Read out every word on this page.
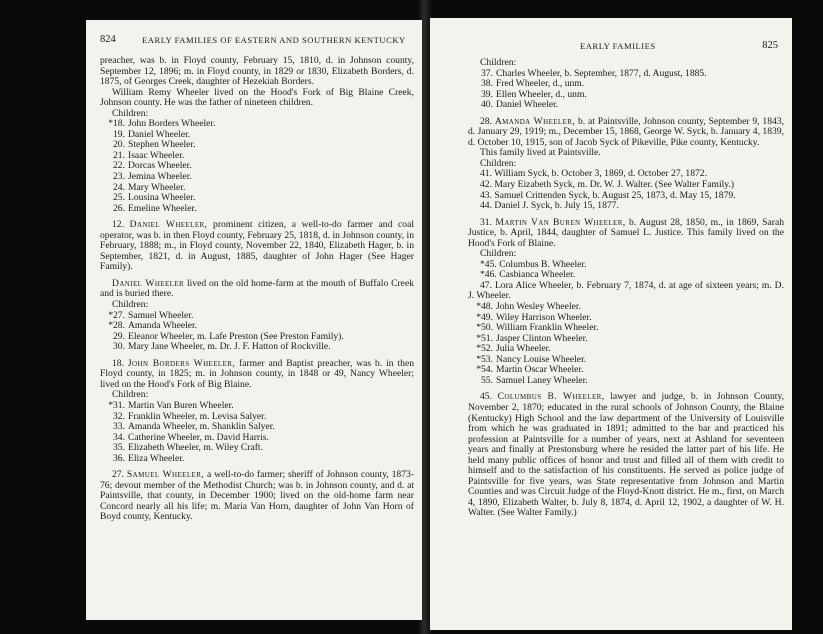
824	EARLY FAMILIES OF EASTERN AND SOUTHERN KENTUCKY

preacher, was b. in Floyd county, February 15, 1810, d. in Johnson county, September 12, 1896; m. in Floyd county, in 1829 or 1830, Elizabeth Borders, d. 1875, of Georges Creek, daughter of Hezekiah Borders.

William Remy Wheeler lived on the Hood's Fork of Big Blaine Creek, Johnson county. He was the father of nineteen children.

Children:
*18. John Borders Wheeler.
19. Daniel Wheeler.
20. Stephen Wheeler.
21. Isaac Wheeler.
22. Dorcas Wheeler.
23. Jemina Wheeler.
24. Mary Wheeler.
25. Lousina Wheeler.
26. Emeline Wheeler.

12. Daniel Wheeler, prominent citizen, a well-to-do farmer and coal operator, was b. in then Floyd county, February 25, 1818, d. in Johnson county, in February, 1888; m., in Floyd county, November 22, 1840, Elizabeth Hager, b. in September, 1821, d. in August, 1885, daughter of John Hager (See Hager Family).

Daniel Wheeler lived on the old home-farm at the mouth of Buffalo Creek and is buried there.

Children:
*27. Samuel Wheeler.
*28. Amanda Wheeler.
29. Eleanor Wheeler, m. Lafe Preston (See Preston Family).
30. Mary Jane Wheeler, m. Dr. J. F. Hatton of Rockville.

18. John Borders Wheeler, farmer and Baptist preacher, was b. in then Floyd county, in 1825; m. in Johnson county, in 1848 or 49, Nancy Wheeler; lived on the Hood's Fork of Big Blaine.

Children:
*31. Martin Van Buren Wheeler.
32. Franklin Wheeler, m. Levisa Salyer.
33. Amanda Wheeler, m. Shanklin Salyer.
34. Catherine Wheeler, m. David Harris.
35. Elizabeth Wheeler, m. Wiley Craft.
36. Eliza Wheeler.

27. Samuel Wheeler, a well-to-do farmer; sheriff of Johnson county, 1873-76; devout member of the Methodist Church; was b. in Johnson county, and d. at Paintsville, that county, in December 1900; lived on the old-home farm near Concord nearly all his life; m. Maria Van Horn, daughter of John Van Horn of Boyd county, Kentucky.

EARLY FAMILIES	825
Children:
37. Charles Wheeler, b. September, 1877, d. August, 1885.
38. Fred Wheeler, d., unm.
39. Ellen Wheeler, d., unm.
40. Daniel Wheeler.

28. Amanda Wheeler, b. at Paintsville, Johnson county, September 9, 1843, d. January 29, 1919; m., December 15, 1868, George W. Syck, b. January 4, 1839, d. October 10, 1915, son of Jacob Syck of Pikeville, Pike county, Kentucky.

This family lived at Paintsville.

Children:

41. William Syck, b. October 3, 1869, d. October 27, 1872.

42. Mary Eizabeth Syck, m. Dr. W. J. Walter. (See Walter Family.)

43. Samuel Crittenden Syck, b. August 25, 1873, d. May 15, 1879.

44. Daniel J. Syck, b. July 15, 1877.

31. Martin Van Buren Wheeler, b. August 28, 1850, m., in 1869, Sarah Justice, b. April, 1844, daughter of Samuel L. Justice. This family lived on the Hood's Fork of Blaine.

Children:

*45. Columbus B. Wheeler.

*46. Casbianca Wheeler.

47. Lora Alice Wheeler, b. February 7, 1874, d. at age of sixteen years; m. D. J. Wheeler.

*48. John Wesley Wheeler.
*49. Wiley Harrison Wheeler.
*50. William Franklin Wheeler.
*51. Jasper Clinton Wheeler.
*52. Julia Wheeler.
*53. Nancy Louise Wheeler.
*54. Martin Oscar Wheeler.
55. Samuel Laney Wheeler.

45. Columbus B. Wheeler, lawyer and judge, b. in Johnson County, November 2, 1870; educated in the rural schools of Johnson County, the Blaine (Kentucky) High School and the law department of the University of Louisville from which he was graduated in 1891; admitted to the bar and practiced his profession at Paintsville for a number of years, next at Ashland for seventeen years and finally at Prestonsburg where he resided the latter part of his life. He held many public offices of honor and trust and filled all of them with credit to himself and to the satisfaction of his constituents. He served as police judge of Paintsville for five years, was State representative from Johnson and Martin Counties and was Circuit Judge of the Floyd-Knott district. He m., first, on March 4, 1890, Elizabeth Walter, b. July 8, 1874, d. April 12, 1902, a daughter of W. H. Walter. (See Walter Family.)
